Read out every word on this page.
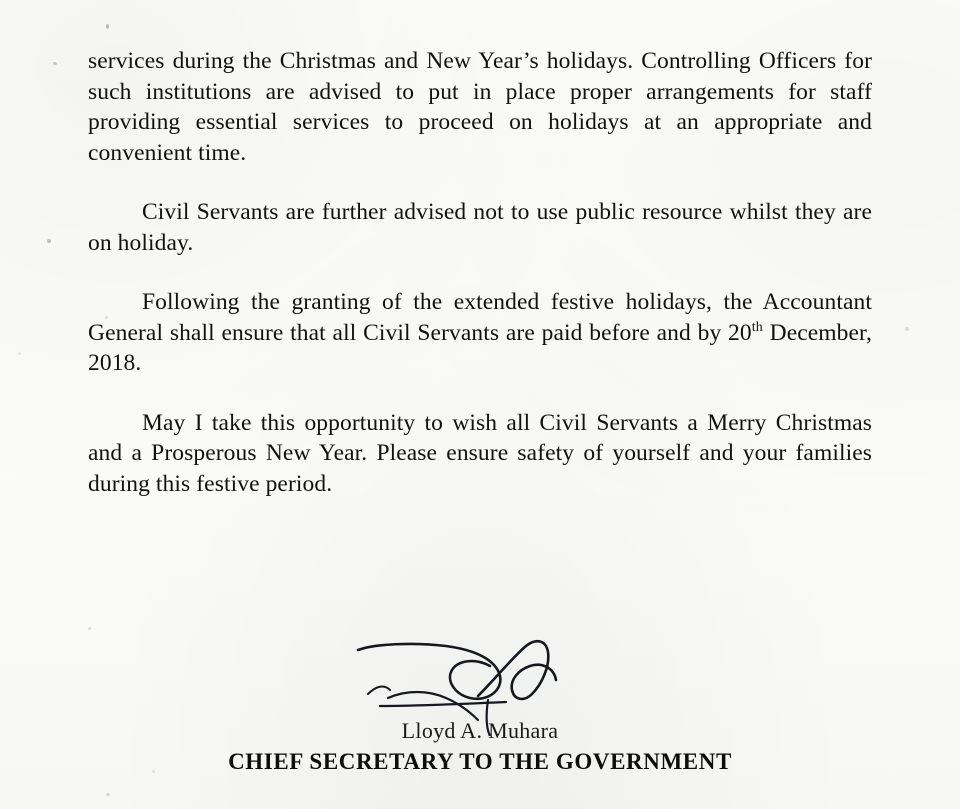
services during the Christmas and New Year’s holidays. Controlling Officers for such institutions are advised to put in place proper arrangements for staff providing essential services to proceed on holidays at an appropriate and convenient time.

Civil Servants are further advised not to use public resource whilst they are on holiday.

Following the granting of the extended festive holidays, the Accountant General shall ensure that all Civil Servants are paid before and by 20th December, 2018.

May I take this opportunity to wish all Civil Servants a Merry Christmas and a Prosperous New Year. Please ensure safety of yourself and your families during this festive period.

Lloyd A. Muhara
CHIEF SECRETARY TO THE GOVERNMENT
